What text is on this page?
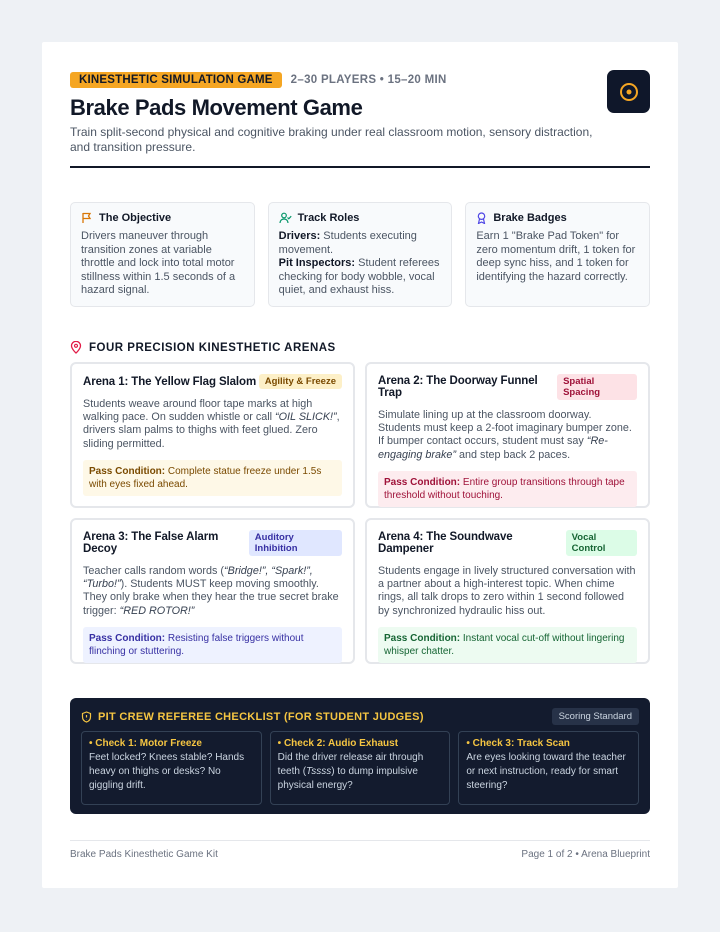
KINESTHETIC SIMULATION GAME	2–30 PLAYERS • 15–20 MIN
Brake Pads Movement Game
Train split-second physical and cognitive braking under real classroom motion, sensory distraction, and transition pressure.
The Objective
Drivers maneuver through transition zones at variable throttle and lock into total motor stillness within 1.5 seconds of a hazard signal.
Track Roles
Drivers: Students executing movement.
Pit Inspectors: Student referees checking for body wobble, vocal quiet, and exhaust hiss.
Brake Badges
Earn 1 "Brake Pad Token" for zero momentum drift, 1 token for deep sync hiss, and 1 token for identifying the hazard correctly.
FOUR PRECISION KINESTHETIC ARENAS
Arena 1: The Yellow Flag Slalom Agility & Freeze
Students weave around floor tape marks at high walking pace. On sudden whistle or call “OIL SLICK!”, drivers slam palms to thighs with feet glued. Zero sliding permitted.
Pass Condition: Complete statue freeze under 1.5s with eyes fixed ahead.
Arena 2: The Doorway Funnel Trap
Spatial Spacing
Simulate lining up at the classroom doorway. Students must keep a 2-foot imaginary bumper zone. If bumper contact occurs, student must say “Re-engaging brake” and step back 2 paces.
Pass Condition: Entire group transitions through tape threshold without touching.
Arena 3: The False Alarm Decoy
Auditory Inhibition
Teacher calls random words (“Bridge!”, “Spark!”, “Turbo!”). Students MUST keep moving smoothly. They only brake when they hear the true secret brake trigger: “RED ROTOR!”
Pass Condition: Resisting false triggers without flinching or stuttering.
Arena 4: The Soundwave Dampener
Vocal Control
Students engage in lively structured conversation with a partner about a high-interest topic. When chime rings, all talk drops to zero within 1 second followed by synchronized hydraulic hiss out.
Pass Condition: Instant vocal cut-off without lingering whisper chatter.
PIT CREW REFEREE CHECKLIST (FOR STUDENT JUDGES)	Scoring Standard
• Check 1: Motor Freeze
Feet locked? Knees stable? Hands heavy on thighs or desks? No giggling drift.
• Check 2: Audio Exhaust
Did the driver release air through teeth (Tssss) to dump impulsive physical energy?
• Check 3: Track Scan
Are eyes looking toward the teacher or next instruction, ready for smart steering?
Brake Pads Kinesthetic Game Kit	Page 1 of 2 • Arena Blueprint
